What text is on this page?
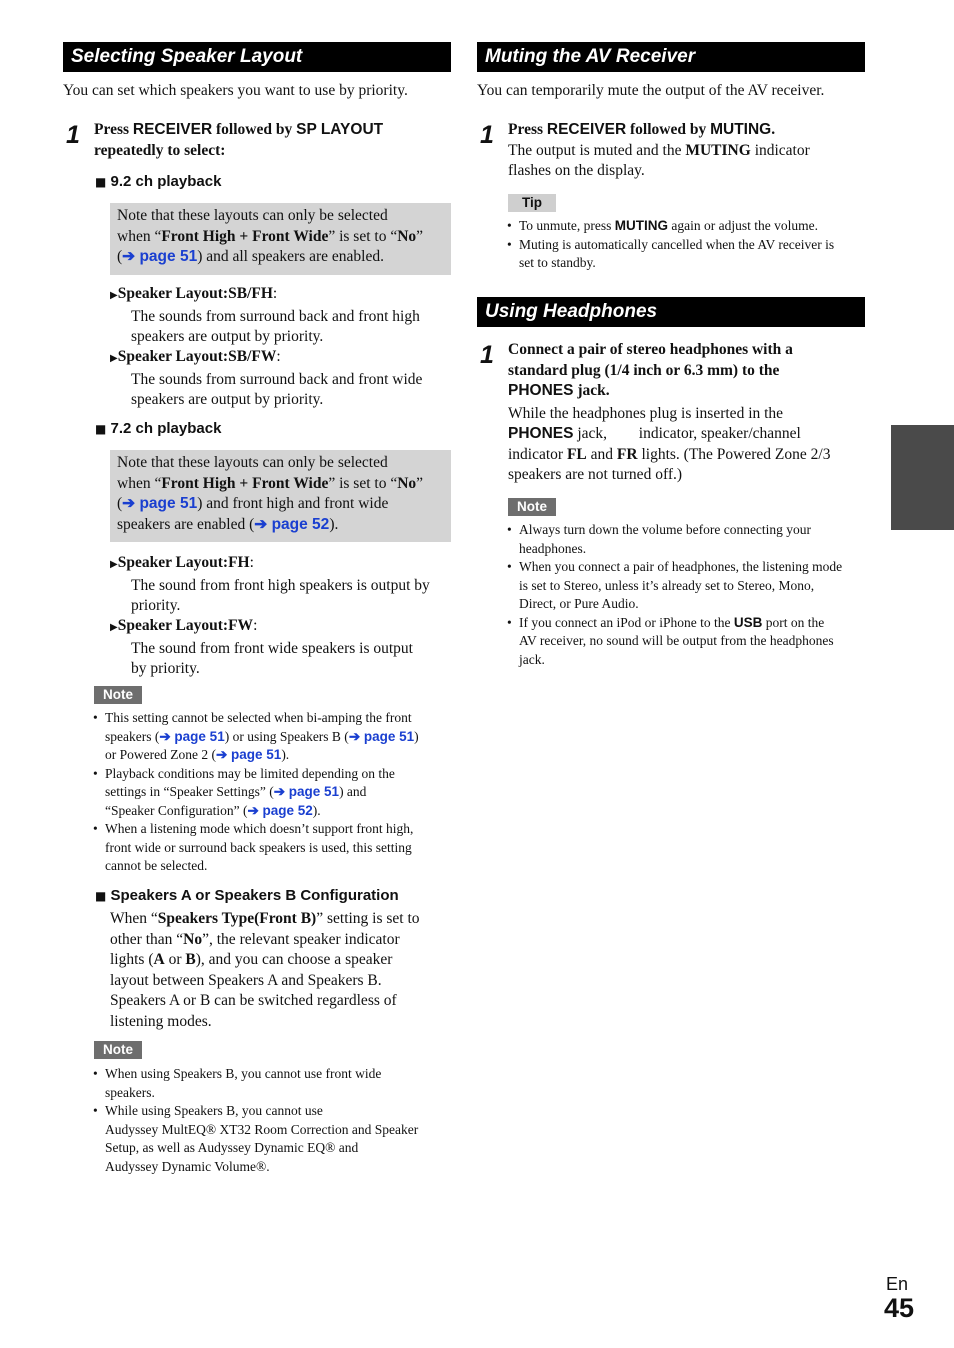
Selecting Speaker Layout
You can set which speakers you want to use by priority.
1 Press RECEIVER followed by SP LAYOUT
repeatedly to select:
■ 9.2 ch playback
Note that these layouts can only be selected
when “Front High + Front Wide” is set to “No”
(➔ page 51) and all speakers are enabled.
▶Speaker Layout:SB/FH:
The sounds from surround back and front high
speakers are output by priority.
▶Speaker Layout:SB/FW:
The sounds from surround back and front wide
speakers are output by priority.
■ 7.2 ch playback
Note that these layouts can only be selected
when “Front High + Front Wide” is set to “No”
(➔ page 51) and front high and front wide
speakers are enabled (➔ page 52).
▶Speaker Layout:FH:
The sound from front high speakers is output by
priority.
▶Speaker Layout:FW:
The sound from front wide speakers is output
by priority.
Note
• This setting cannot be selected when bi-amping the front
speakers (➔ page 51) or using Speakers B (➔ page 51)
or Powered Zone 2 (➔ page 51).
• Playback conditions may be limited depending on the
settings in “Speaker Settings” (➔ page 51) and
“Speaker Configuration” (➔ page 52).
• When a listening mode which doesn’t support front high,
front wide or surround back speakers is used, this setting
cannot be selected.
■ Speakers A or Speakers B Configuration
When “Speakers Type(Front B)” setting is set to
other than “No”, the relevant speaker indicator
lights (A or B), and you can choose a speaker
layout between Speakers A and Speakers B.
Speakers A or B can be switched regardless of
listening modes.
Note
• When using Speakers B, you cannot use front wide
speakers.
• While using Speakers B, you cannot use
Audyssey MultEQ® XT32 Room Correction and Speaker
Setup, as well as Audyssey Dynamic EQ® and
Audyssey Dynamic Volume®.
Muting the AV Receiver
You can temporarily mute the output of the AV receiver.
1 Press RECEIVER followed by MUTING.
The output is muted and the MUTING indicator
flashes on the display.
Tip
• To unmute, press MUTING again or adjust the volume.
• Muting is automatically cancelled when the AV receiver is
set to standby.
Using Headphones
1 Connect a pair of stereo headphones with a
standard plug (1/4 inch or 6.3 mm) to the
PHONES jack.
While the headphones plug is inserted in the
PHONES jack,  indicator, speaker/channel
indicator FL and FR lights. (The Powered Zone 2/3
speakers are not turned off.)
Note
• Always turn down the volume before connecting your
headphones.
• When you connect a pair of headphones, the listening mode
is set to Stereo, unless it’s already set to Stereo, Mono,
Direct, or Pure Audio.
• If you connect an iPod or iPhone to the USB port on the
AV receiver, no sound will be output from the headphones
jack.
En
45
